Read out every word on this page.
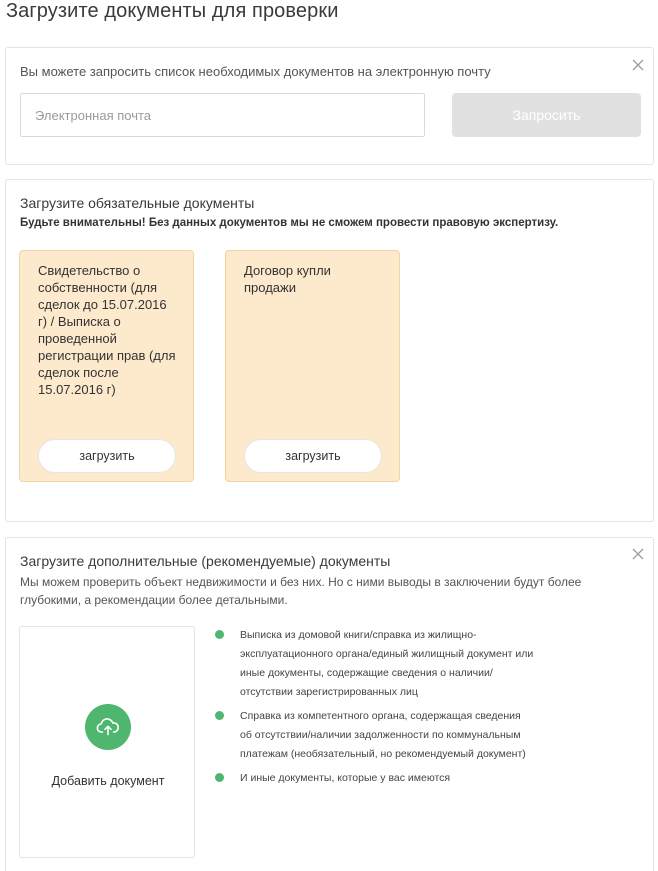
Загрузите документы для проверки
Вы можете запросить список необходимых документов на электронную почту
Электронная почта
Запросить
Загрузите обязательные документы
Будьте внимательны! Без данных документов мы не сможем провести правовую экспертизу.
Свидетельство о собственности (для сделок до 15.07.2016 г) / Выписка о проведенной регистрации прав (для сделок после 15.07.2016 г)
загрузить
Договор купли продажи
загрузить
Загрузите дополнительные (рекомендуемые) документы
Мы можем проверить объект недвижимости и без них. Но с ними выводы в заключении будут более глубокими, а рекомендации более детальными.
Добавить документ
Выписка из домовой книги/справка из жилищно-эксплуатационного органа/единый жилищный документ или иные документы, содержащие сведения о наличии/отсутствии зарегистрированных лиц
Справка из компетентного органа, содержащая сведения об отсутствии/наличии задолженности по коммунальным платежам (необязательный, но рекомендуемый документ)
И иные документы, которые у вас имеются
